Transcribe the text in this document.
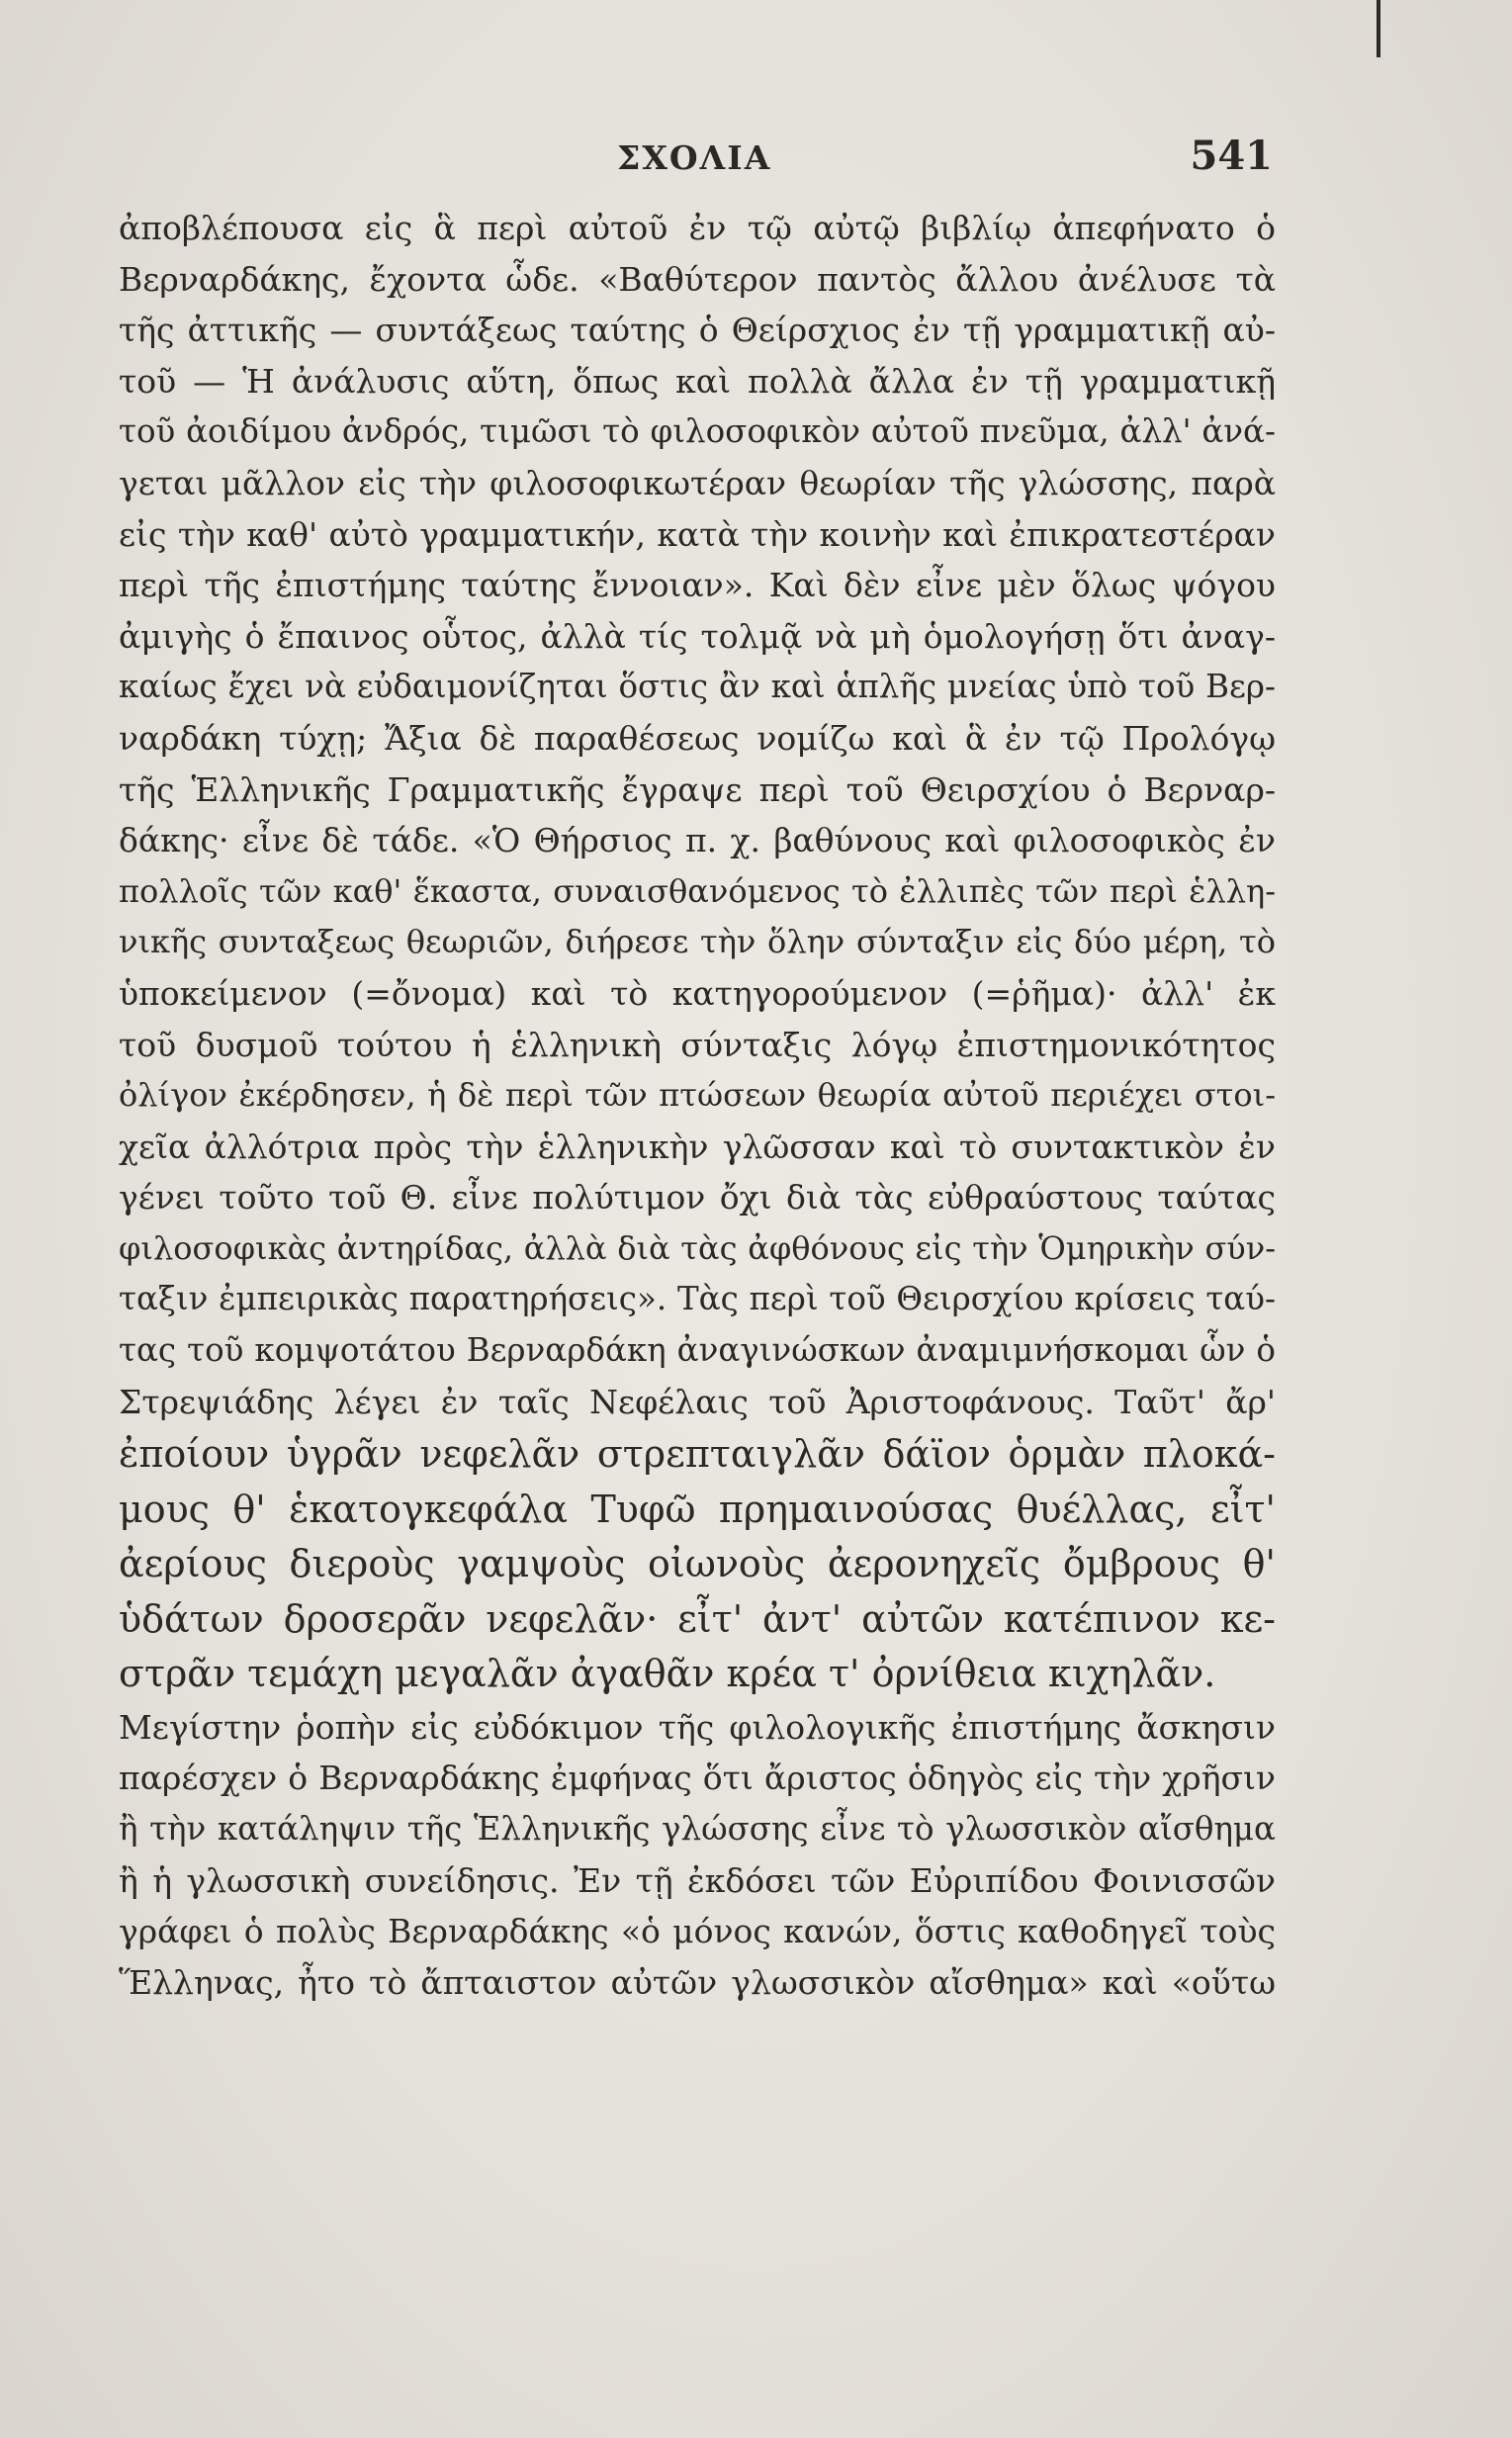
ΣΧΟΛΙΑ	541
ἀποβλέπουσα εἰς ἃ περὶ αὐτοῦ ἐν τῷ αὐτῷ βιβλίῳ ἀπεφήνατο ὁ
Βερναρδάκης, ἔχοντα ὧδε. «Βαθύτερον παντὸς ἄλλου ἀνέλυσε τὰ
τῆς ἀττικῆς — συντάξεως ταύτης ὁ Θείρσχιος ἐν τῇ γραμματικῇ αὐ-
τοῦ — Ἡ ἀνάλυσις αὕτη, ὅπως καὶ πολλὰ ἄλλα ἐν τῇ γραμματικῇ
τοῦ ἀοιδίμου ἀνδρός, τιμῶσι τὸ φιλοσοφικὸν αὐτοῦ πνεῦμα, ἀλλ' ἀνά-
γεται μᾶλλον εἰς τὴν φιλοσοφικωτέραν θεωρίαν τῆς γλώσσης, παρὰ
εἰς τὴν καθ' αὐτὸ γραμματικήν, κατὰ τὴν κοινὴν καὶ ἐπικρατεστέραν
περὶ τῆς ἐπιστήμης ταύτης ἔννοιαν». Καὶ δὲν εἶνε μὲν ὅλως ψόγου
ἀμιγὴς ὁ ἔπαινος οὗτος, ἀλλὰ τίς τολμᾷ νὰ μὴ ὁμολογήσῃ ὅτι ἀναγ-
καίως ἔχει νὰ εὐδαιμονίζηται ὅστις ἂν καὶ ἁπλῆς μνείας ὑπὸ τοῦ Βερ-
ναρδάκη τύχῃ; Ἄξια δὲ παραθέσεως νομίζω καὶ ἃ ἐν τῷ Προλόγῳ
τῆς Ἑλληνικῆς Γραμματικῆς ἔγραψε περὶ τοῦ Θειρσχίου ὁ Βερναρ-
δάκης· εἶνε δὲ τάδε. «Ὁ Θήρσιος π. χ. βαθύνους καὶ φιλοσοφικὸς ἐν
πολλοῖς τῶν καθ' ἕκαστα, συναισθανόμενος τὸ ἐλλιπὲς τῶν περὶ ἑλλη-
νικῆς συνταξεως θεωριῶν, διήρεσε τὴν ὅλην σύνταξιν εἰς δύο μέρη, τὸ
ὑποκείμενον (=ὄνομα) καὶ τὸ κατηγορούμενον (=ῥῆμα)· ἀλλ' ἐκ
τοῦ δυσμοῦ τούτου ἡ ἑλληνικὴ σύνταξις λόγῳ ἐπιστημονικότητος
ὀλίγον ἐκέρδησεν, ἡ δὲ περὶ τῶν πτώσεων θεωρία αὐτοῦ περιέχει στοι-
χεῖα ἀλλότρια πρὸς τὴν ἑλληνικὴν γλῶσσαν καὶ τὸ συντακτικὸν ἐν
γένει τοῦτο τοῦ Θ. εἶνε πολύτιμον ὄχι διὰ τὰς εὐθραύστους ταύτας
φιλοσοφικὰς ἀντηρίδας, ἀλλὰ διὰ τὰς ἀφθόνους εἰς τὴν Ὁμηρικὴν σύν-
ταξιν ἐμπειρικὰς παρατηρήσεις». Τὰς περὶ τοῦ Θειρσχίου κρίσεις ταύ-
τας τοῦ κομψοτάτου Βερναρδάκη ἀναγινώσκων ἀναμιμνήσκομαι ὧν ὁ
Στρεψιάδης λέγει ἐν ταῖς Νεφέλαις τοῦ Ἀριστοφάνους. Ταῦτ' ἄρ'
ἐποίουν ὑγρᾶν νεφελᾶν στρεπταιγλᾶν δάϊον ὁρμὰν πλοκά-
μους θ' ἑκατογκεφάλα Τυφῶ πρημαινούσας θυέλλας, εἶτ'
ἀερίους διεροὺς γαμψοὺς οἰωνοὺς ἀερονηχεῖς ὄμβρους θ'
ὑδάτων δροσερᾶν νεφελᾶν· εἶτ' ἀντ' αὐτῶν κατέπινον κε-
στρᾶν τεμάχη μεγαλᾶν ἀγαθᾶν κρέα τ' ὀρνίθεια κιχηλᾶν.
Μεγίστην ῥοπὴν εἰς εὐδόκιμον τῆς φιλολογικῆς ἐπιστήμης ἄσκησιν
παρέσχεν ὁ Βερναρδάκης ἐμφήνας ὅτι ἄριστος ὁδηγὸς εἰς τὴν χρῆσιν
ἢ τὴν κατάληψιν τῆς Ἑλληνικῆς γλώσσης εἶνε τὸ γλωσσικὸν αἴσθημα
ἢ ἡ γλωσσικὴ συνείδησις. Ἐν τῇ ἐκδόσει τῶν Εὐριπίδου Φοινισσῶν
γράφει ὁ πολὺς Βερναρδάκης «ὁ μόνος κανών, ὅστις καθοδηγεῖ τοὺς
Ἕλληνας, ἦτο τὸ ἄπταιστον αὐτῶν γλωσσικὸν αἴσθημα» καὶ «οὕτω
